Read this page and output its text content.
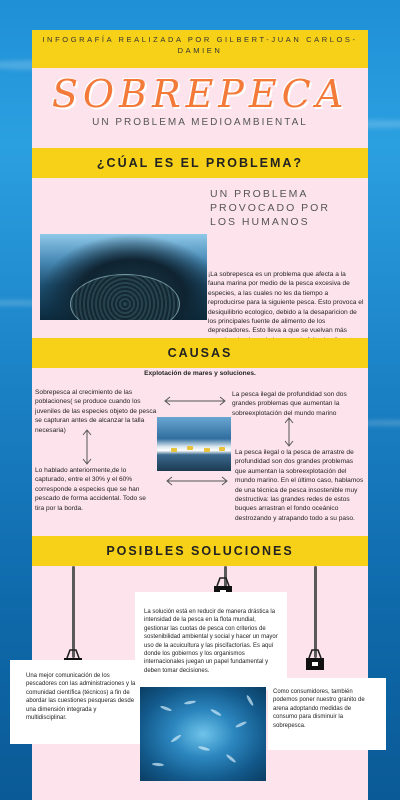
INFOGRAFÍA REALIZADA POR GILBERT-JUAN CARLOS-DAMIEN
SOBREPECA
UN PROBLEMA MEDIOAMBIENTAL
¿CÚAL ES EL PROBLEMA?
UN PROBLEMA PROVOCADO POR LOS HUMANOS
¡La sobrepesca es un problema que afecta a la fauna marina por medio de la pesca excesiva de especies, a las cuales no les da tiempo a reproducirse para la siguiente pesca. Esto provoca el desiquilibrio ecologico, debido a la desaparicion de los principales fuente de alimento de los depredadores. Esto lleva a que se vuelvan más
CAUSAS
Explotación de mares y soluciones.
Sobrepesca al crecimiento de las poblaciones( se produce cuando los juveniles de las especies objeto de pesca se capturan antes de alcanzar la talla necesaria)
La pesca ilegal de profundidad son dos grandes problemas que aumentan la sobreexplotación del mundo marino
Lo hablado anteriormente,de lo capturado, entre el 30% y el 60% corresponde a especies que se han pescado de forma accidental. Todo se tira por la borda.
La pesca ilegal o la pesca de arrastre de profundidad son dos grandes problemas que aumentan la sobreexplotación del mundo marino. En el último caso, hablamos de una técnica de pesca insostenible muy destructiva: las grandes redes de estos buques arrastran el fondo oceánico destrozando y atrapando todo a su paso.
POSIBLES SOLUCIONES
La solución está en reducir de manera drástica la intensidad de la pesca en la flota mundial, gestionar las cuotas de pesca con criterios de sostenibilidad ambiental y social y hacer un mayor uso de la acuicultura y las piscifactorías. Es aquí donde los gobiernos y los organismos internacionales juegan un papel fundamental y deben tomar decisiones.
Una mejor comunicación de los pescadores con las administraciones y la comunidad científica (técnicos) a fin de abordar las cuestiones pesqueras desde una dimensión integrada y multidisciplinar.
Como consumidores, también podemos poner nuestro granito de arena adoptando medidas de consumo para disminuir la sobrepesca.
